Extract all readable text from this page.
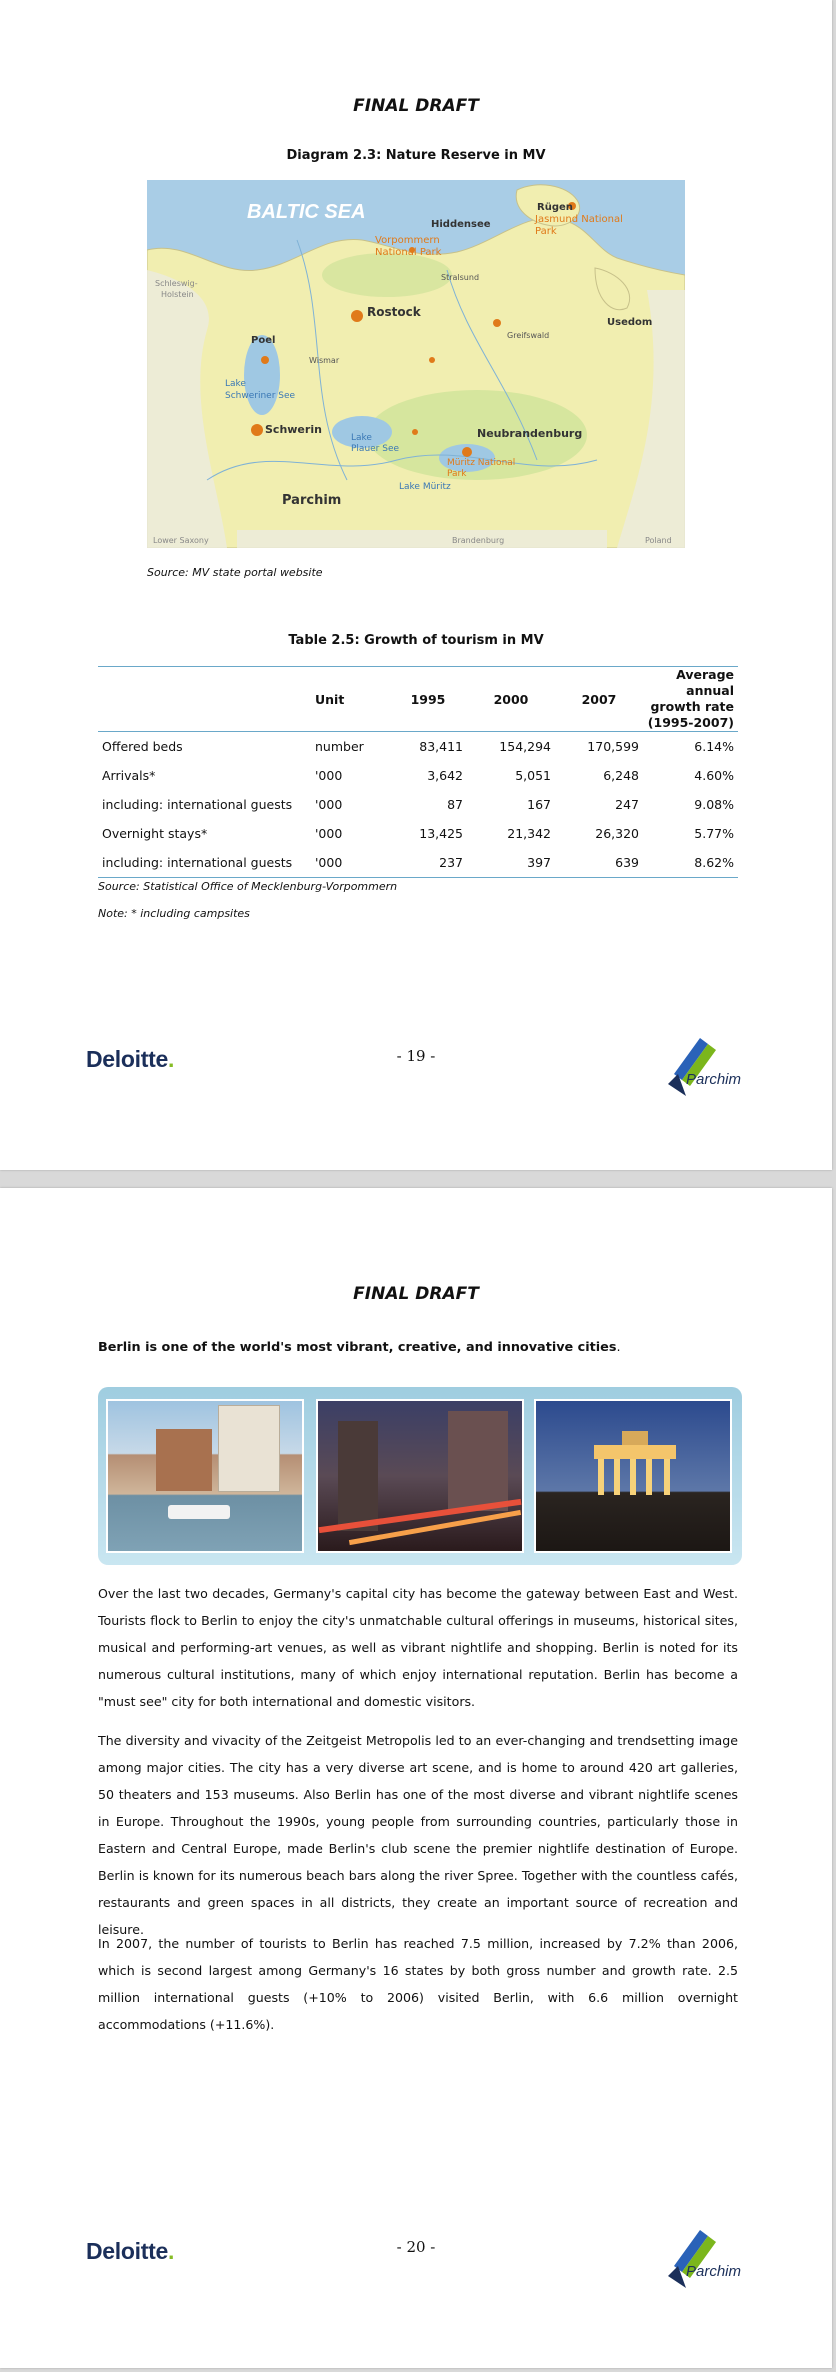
FINAL DRAFT
Diagram 2.3: Nature Reserve in MV
BALTIC SEA	Rügen
Jasmund National
Park
Hiddensee
Vorpommern
National Park
Stralsund
Rostock
Greifswald
Usedom
Schleswig-
Holstein
Poel
Wismar
Lake
Schweriner See
Schwerin
Lake
Plauer See
Neubrandenburg
Müritz National
Park
Lake Müritz
Parchim
Lower Saxony	Brandenburg	Poland
Source: MV state portal website
Table 2.5: Growth of tourism in MV
	Unit	1995	2000	2007	Average annual growth rate (1995-2007)
Offered beds	number	83,411	154,294	170,599	6.14%
Arrivals*	'000	3,642	5,051	6,248	4.60%
including: international guests	'000	87	167	247	9.08%
Overnight stays*	'000	13,425	21,342	26,320	5.77%
including: international guests	'000	237	397	639	8.62%
Source: Statistical Office of Mecklenburg-Vorpommern
Note: * including campsites
Deloitte.	- 19 -
Parchim
FINAL DRAFT
Berlin is one of the world's most vibrant, creative, and innovative cities.
Over the last two decades, Germany's capital city has become the gateway between East and West. Tourists flock to Berlin to enjoy the city's unmatchable cultural offerings in museums, historical sites, musical and performing-art venues, as well as vibrant nightlife and shopping. Berlin is noted for its numerous cultural institutions, many of which enjoy international reputation. Berlin has become a "must see" city for both international and domestic visitors.
The diversity and vivacity of the Zeitgeist Metropolis led to an ever-changing and trendsetting image among major cities. The city has a very diverse art scene, and is home to around 420 art galleries, 50 theaters and 153 museums. Also Berlin has one of the most diverse and vibrant nightlife scenes in Europe. Throughout the 1990s, young people from surrounding countries, particularly those in Eastern and Central Europe, made Berlin's club scene the premier nightlife destination of Europe. Berlin is known for its numerous beach bars along the river Spree. Together with the countless cafés, restaurants and green spaces in all districts, they create an important source of recreation and leisure.
In 2007, the number of tourists to Berlin has reached 7.5 million, increased by 7.2% than 2006, which is second largest among Germany's 16 states by both gross number and growth rate. 2.5 million international guests (+10% to 2006) visited Berlin, with 6.6 million overnight accommodations (+11.6%).
Deloitte.	- 20 -
Parchim
